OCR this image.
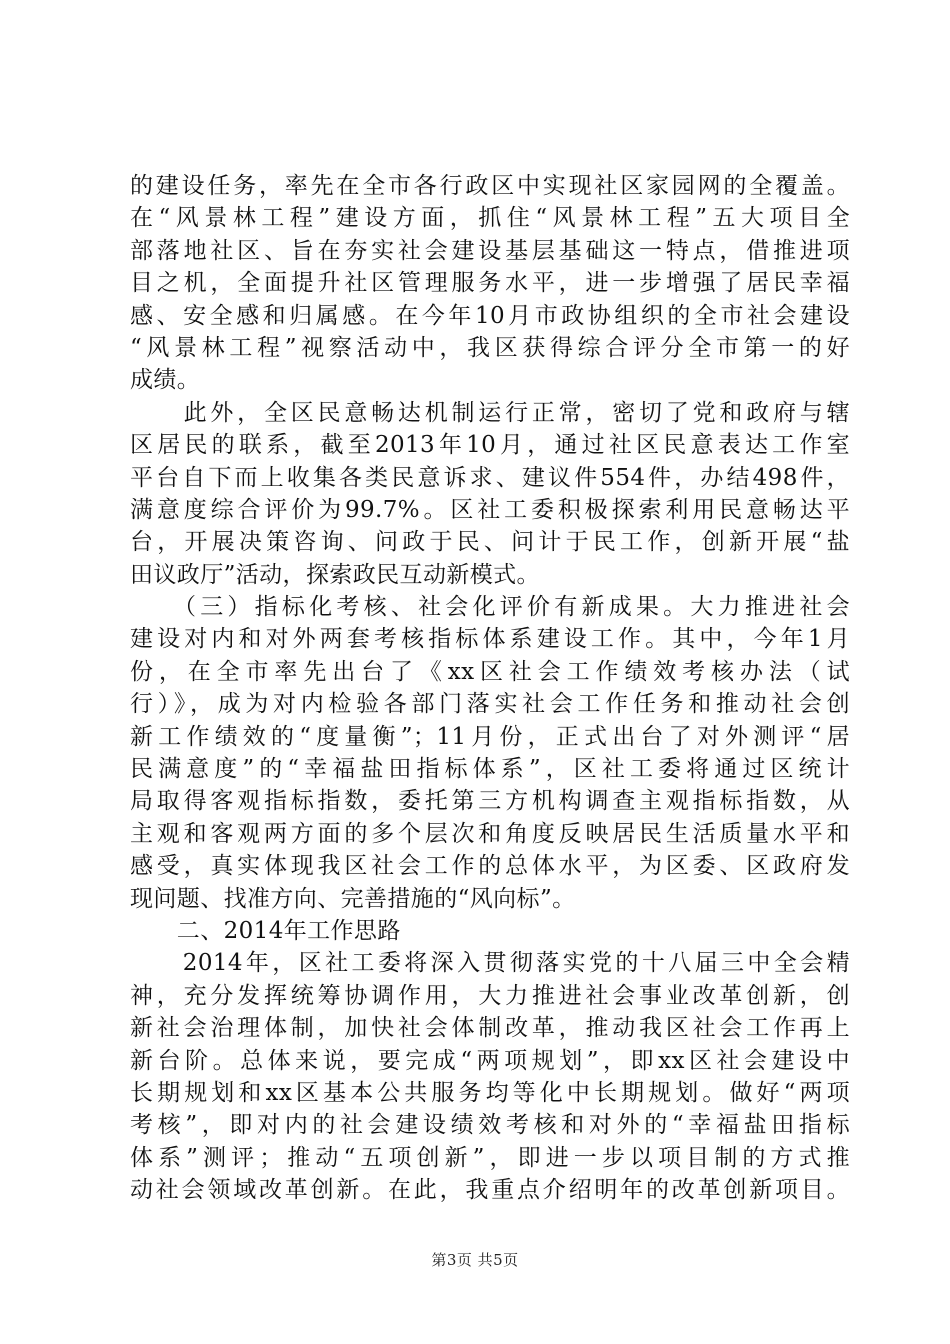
的建设任务，率先在全市各行政区中实现社区家园网的全覆盖。
在“风景林工程”建设方面，抓住“风景林工程”五大项目全
部落地社区、旨在夯实社会建设基层基础这一特点，借推进项
目之机，全面提升社区管理服务水平，进一步增强了居民幸福
感、安全感和归属感。在今年10月市政协组织的全市社会建设
“风景林工程”视察活动中，我区获得综合评分全市第一的好
成绩。
　　此外，全区民意畅达机制运行正常，密切了党和政府与辖
区居民的联系，截至2013年10月，通过社区民意表达工作室
平台自下而上收集各类民意诉求、建议件554件，办结498件，
满意度综合评价为99.7%。区社工委积极探索利用民意畅达平
台，开展决策咨询、问政于民、问计于民工作，创新开展“盐
田议政厅”活动，探索政民互动新模式。
　　（三）指标化考核、社会化评价有新成果。大力推进社会
建设对内和对外两套考核指标体系建设工作。其中，今年1月
份，在全市率先出台了《xx区社会工作绩效考核办法（试
行）》，成为对内检验各部门落实社会工作任务和推动社会创
新工作绩效的“度量衡”；11月份，正式出台了对外测评“居
民满意度”的“幸福盐田指标体系”，区社工委将通过区统计
局取得客观指标指数，委托第三方机构调查主观指标指数，从
主观和客观两方面的多个层次和角度反映居民生活质量水平和
感受，真实体现我区社会工作的总体水平，为区委、区政府发
现问题、找准方向、完善措施的“风向标”。
　　二、2014年工作思路
　　2014年，区社工委将深入贯彻落实党的十八届三中全会精
神，充分发挥统筹协调作用，大力推进社会事业改革创新，创
新社会治理体制，加快社会体制改革，推动我区社会工作再上
新台阶。总体来说，要完成“两项规划”，即xx区社会建设中
长期规划和xx区基本公共服务均等化中长期规划。做好“两项
考核”，即对内的社会建设绩效考核和对外的“幸福盐田指标
体系”测评；推动“五项创新”，即进一步以项目制的方式推
动社会领域改革创新。在此，我重点介绍明年的改革创新项目。
第3页 共5页
